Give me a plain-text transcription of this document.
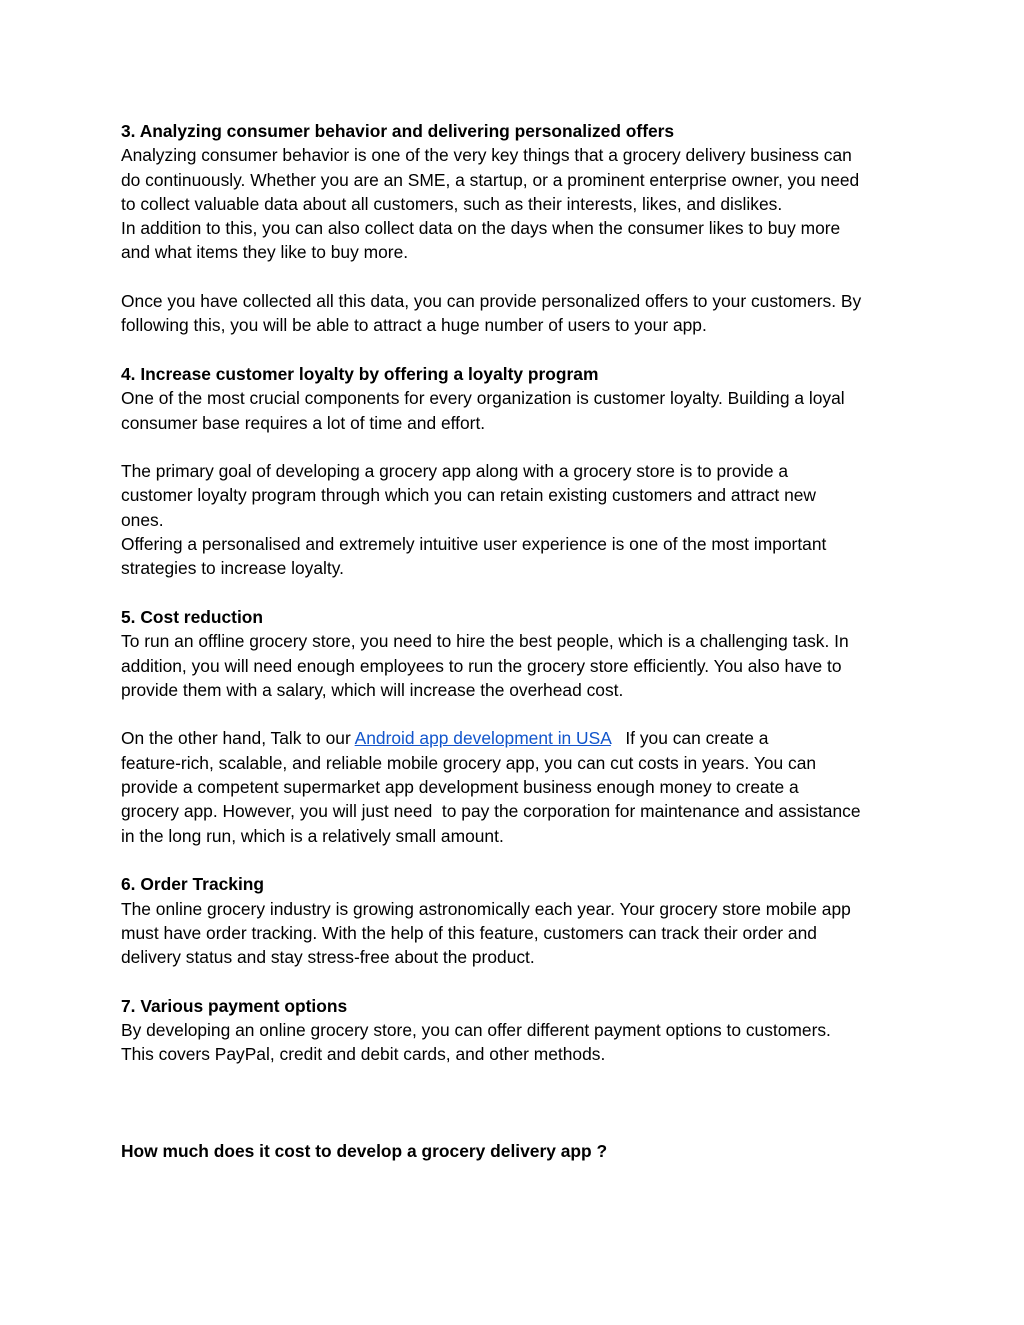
3. Analyzing consumer behavior and delivering personalized offers
Analyzing consumer behavior is one of the very key things that a grocery delivery business can
do continuously. Whether you are an SME, a startup, or a prominent enterprise owner, you need
to collect valuable data about all customers, such as their interests, likes, and dislikes.
In addition to this, you can also collect data on the days when the consumer likes to buy more
and what items they like to buy more.
Once you have collected all this data, you can provide personalized offers to your customers. By
following this, you will be able to attract a huge number of users to your app.
4. Increase customer loyalty by offering a loyalty program
One of the most crucial components for every organization is customer loyalty. Building a loyal
consumer base requires a lot of time and effort.
The primary goal of developing a grocery app along with a grocery store is to provide a
customer loyalty program through which you can retain existing customers and attract new
ones.
Offering a personalised and extremely intuitive user experience is one of the most important
strategies to increase loyalty.
5. Cost reduction
To run an offline grocery store, you need to hire the best people, which is a challenging task. In
addition, you will need enough employees to run the grocery store efficiently. You also have to
provide them with a salary, which will increase the overhead cost.
On the other hand, Talk to our Android app development in USA   If you can create a
feature-rich, scalable, and reliable mobile grocery app, you can cut costs in years. You can
provide a competent supermarket app development business enough money to create a
grocery app. However, you will just need  to pay the corporation for maintenance and assistance
in the long run, which is a relatively small amount.
6. Order Tracking
The online grocery industry is growing astronomically each year. Your grocery store mobile app
must have order tracking. With the help of this feature, customers can track their order and
delivery status and stay stress-free about the product.
7. Various payment options
By developing an online grocery store, you can offer different payment options to customers.
This covers PayPal, credit and debit cards, and other methods.
How much does it cost to develop a grocery delivery app ?
